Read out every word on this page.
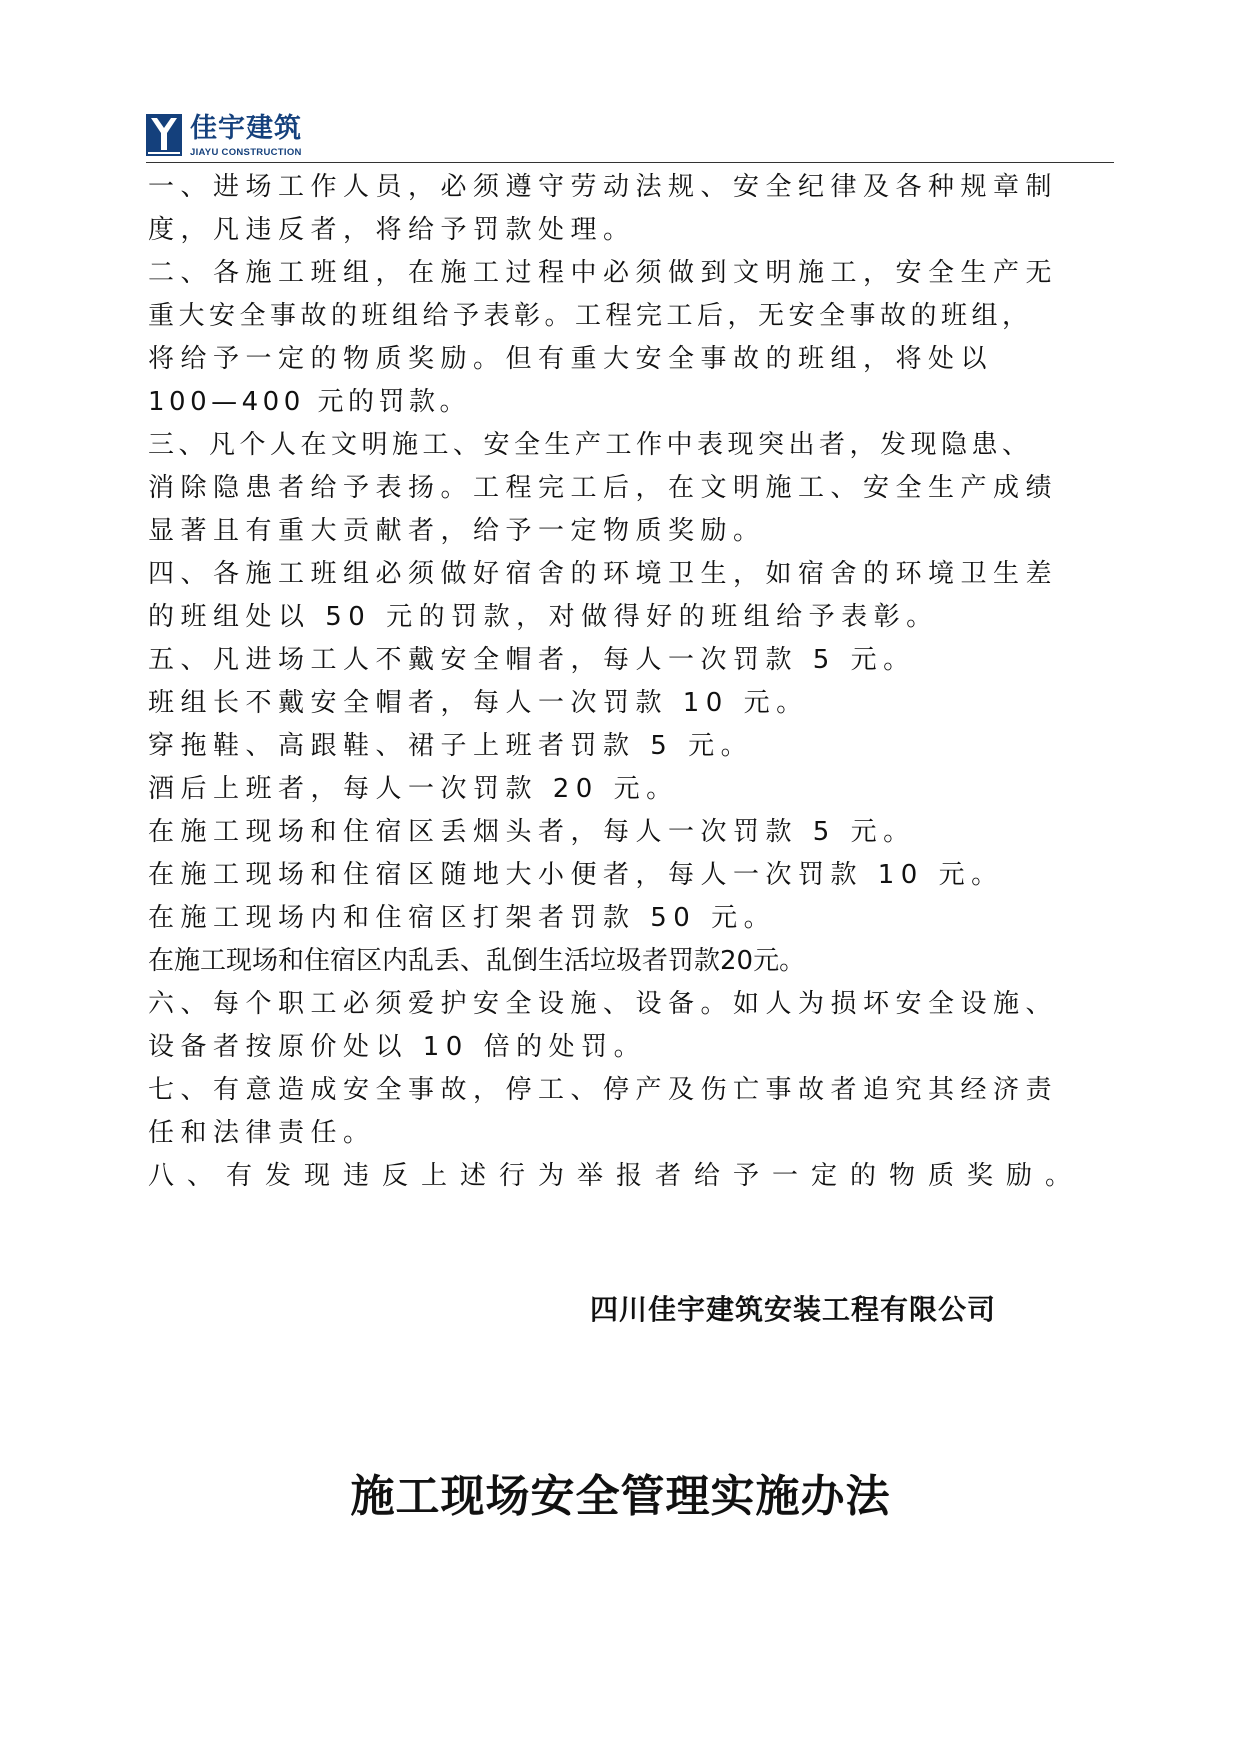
佳宇建筑
JIAYU CONSTRUCTION
一、进场工作人员，必须遵守劳动法规、安全纪律及各种规章制
度，凡违反者，将给予罚款处理。
二、各施工班组，在施工过程中必须做到文明施工，安全生产无
重大安全事故的班组给予表彰。工程完工后，无安全事故的班组，
将给予一定的物质奖励。但有重大安全事故的班组，将处以
100—400 元的罚款。
三、凡个人在文明施工、安全生产工作中表现突出者，发现隐患、
消除隐患者给予表扬。工程完工后，在文明施工、安全生产成绩
显著且有重大贡献者，给予一定物质奖励。
四、各施工班组必须做好宿舍的环境卫生，如宿舍的环境卫生差
的班组处以 50 元的罚款，对做得好的班组给予表彰。
五、凡进场工人不戴安全帽者，每人一次罚款 5 元。
班组长不戴安全帽者，每人一次罚款 10 元。
穿拖鞋、高跟鞋、裙子上班者罚款 5 元。
酒后上班者，每人一次罚款 20 元。
在施工现场和住宿区丢烟头者，每人一次罚款 5 元。
在施工现场和住宿区随地大小便者，每人一次罚款 10 元。
在施工现场内和住宿区打架者罚款 50 元。
在施工现场和住宿区内乱丢、乱倒生活垃圾者罚款20元。
六、每个职工必须爱护安全设施、设备。如人为损坏安全设施、
设备者按原价处以 10 倍的处罚。
七、有意造成安全事故，停工、停产及伤亡事故者追究其经济责
任和法律责任。
八、有发现违反上述行为举报者给予一定的物质奖励。
四川佳宇建筑安装工程有限公司
施工现场安全管理实施办法
